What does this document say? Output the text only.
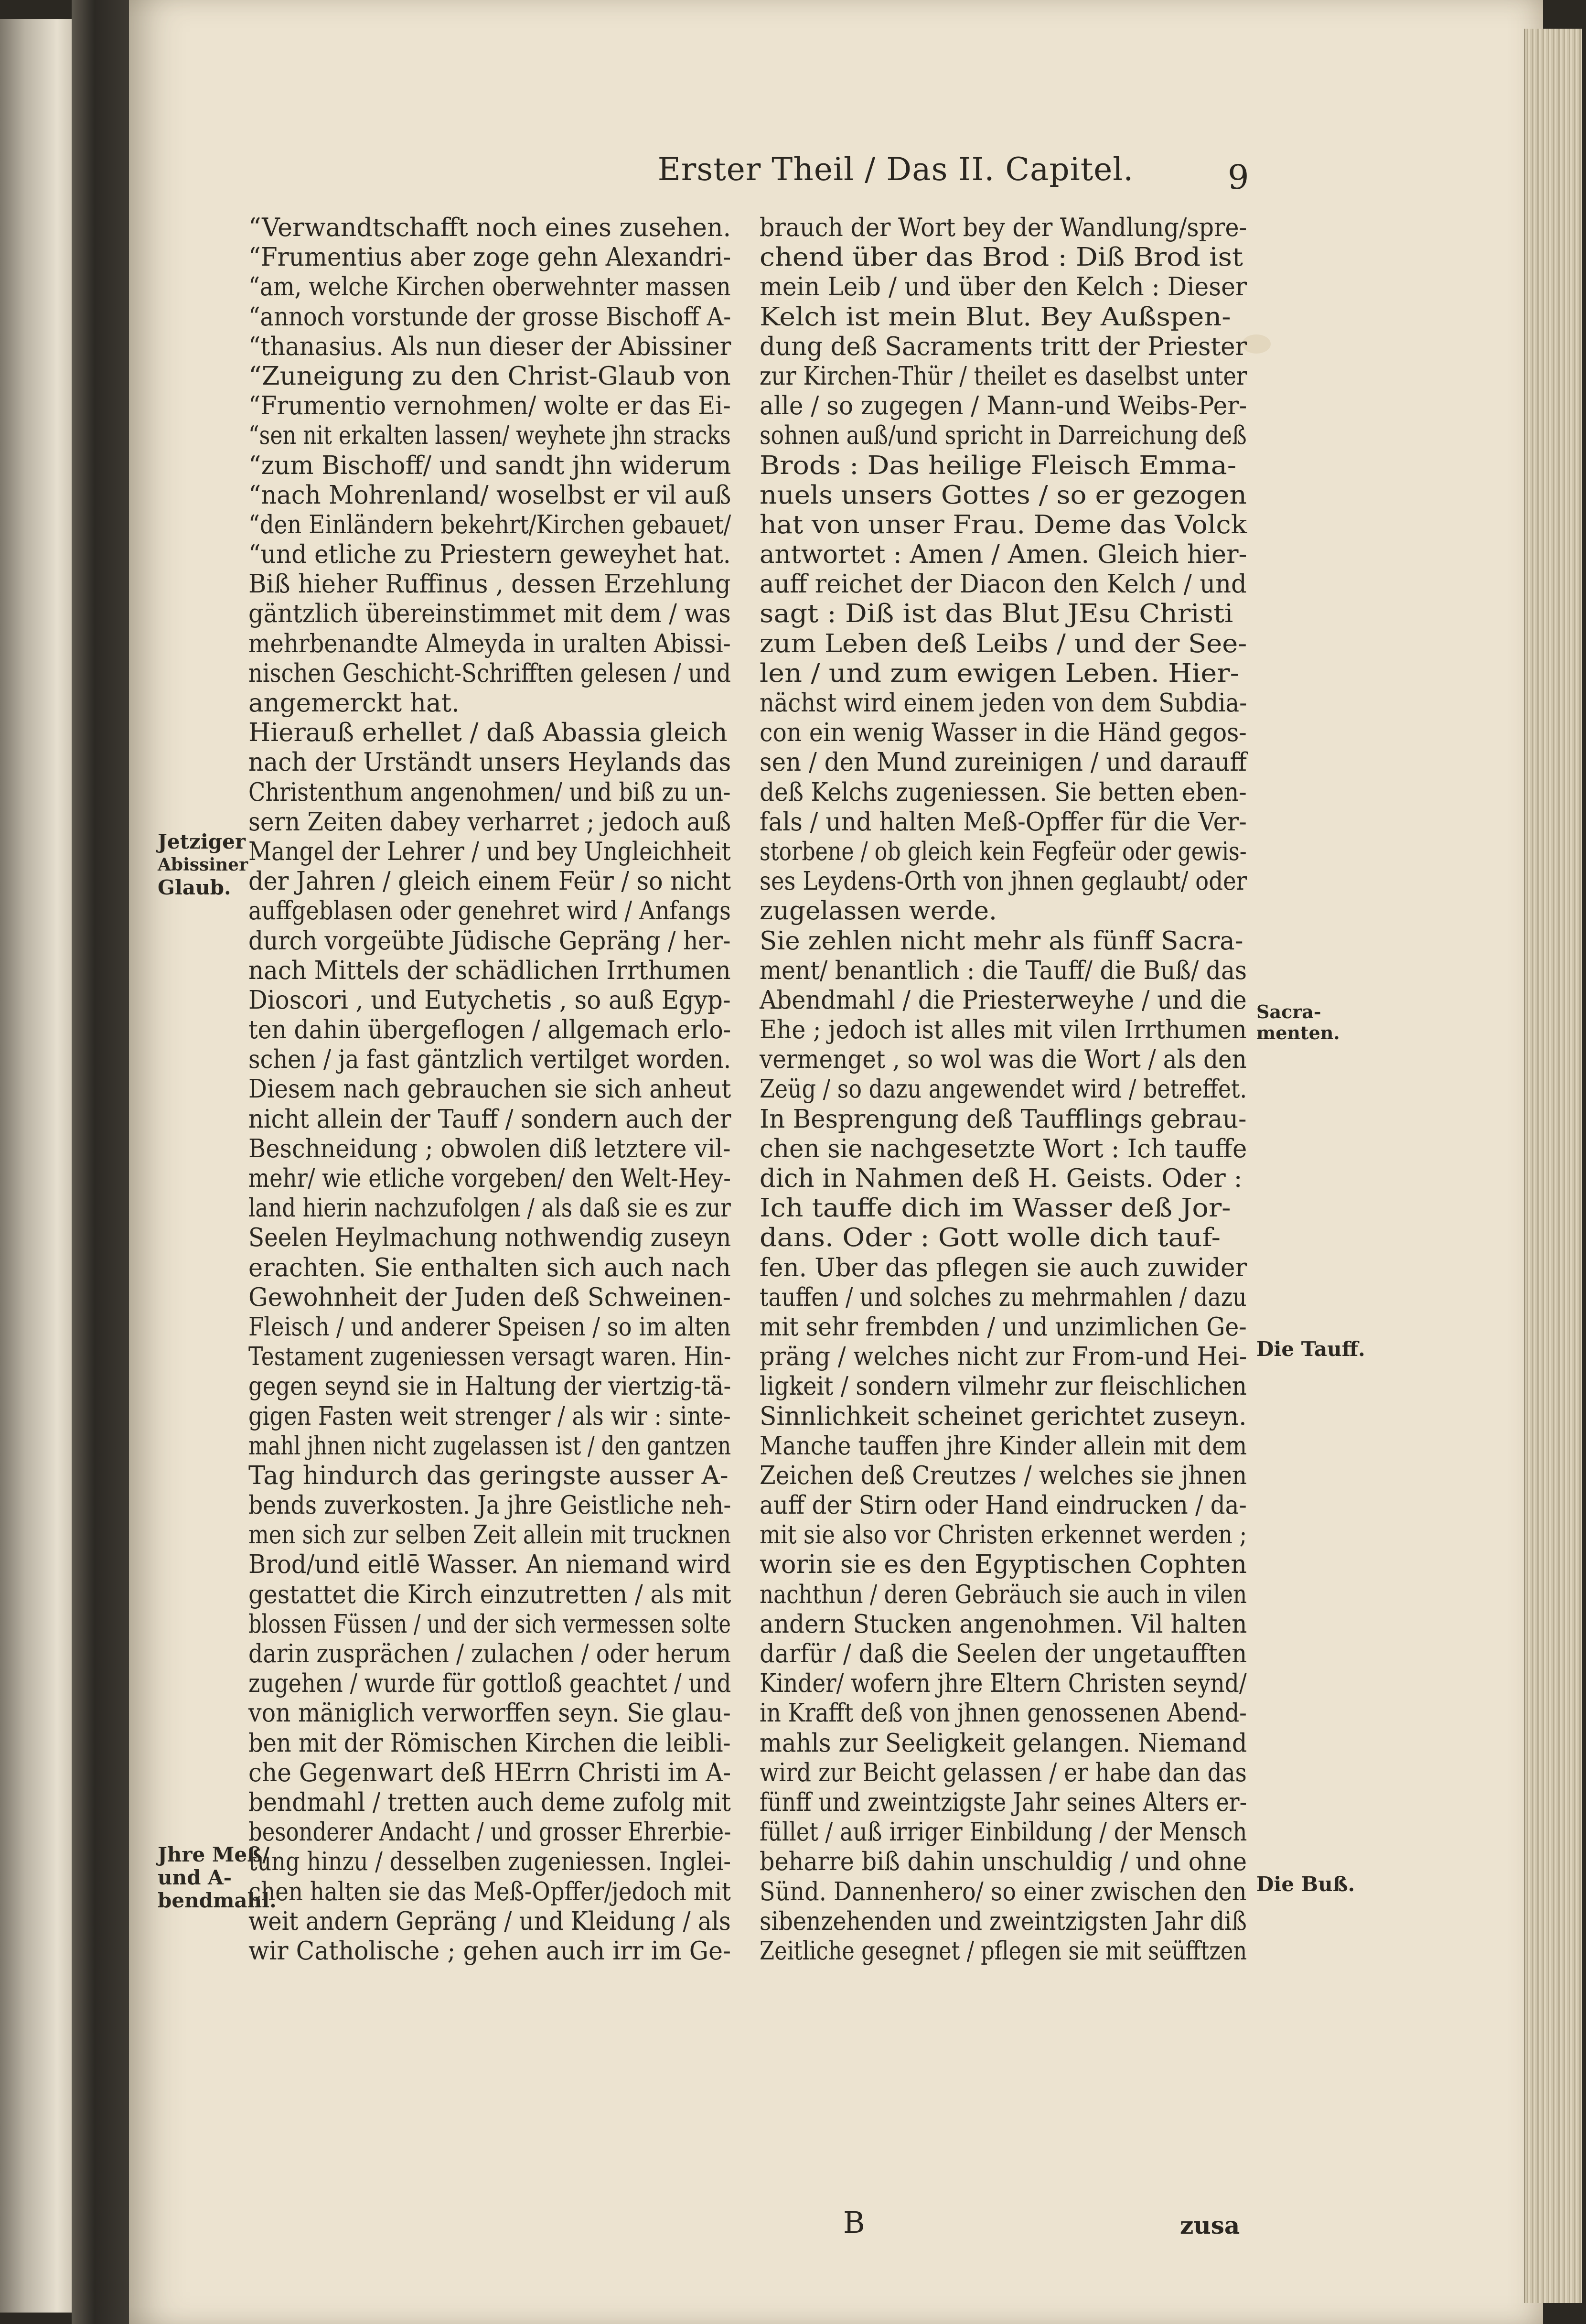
Erster Theil / Das II. Capitel.	9
“Verwandtschafft noch eines zusehen.
“Frumentius aber zoge gehn Alexandri-
“am, welche Kirchen oberwehnter massen
“annoch vorstunde der grosse Bischoff A-
“thanasius. Als nun dieser der Abissiner
“Zuneigung zu den Christ-Glaub von
“Frumentio vernohmen/ wolte er das Ei-
“sen nit erkalten lassen/ weyhete jhn stracks
“zum Bischoff/ und sandt jhn widerum
“nach Mohrenland/ woselbst er vil auß
“den Einländern bekehrt/Kirchen gebauet/
“und etliche zu Priestern geweyhet hat.
Biß hieher Ruffinus , dessen Erzehlung
gäntzlich übereinstimmet mit dem / was
mehrbenandte Almeyda in uralten Abissi-
nischen Geschicht-Schrifften gelesen / und
angemerckt hat.
Hierauß erhellet / daß Abassia gleich
nach der Urständt unsers Heylands das
Christenthum angenohmen/ und biß zu un-
sern Zeiten dabey verharret ; jedoch auß
Mangel der Lehrer / und bey Ungleichheit
der Jahren / gleich einem Feür / so nicht
auffgeblasen oder genehret wird / Anfangs
durch vorgeübte Jüdische Gepräng / her-
nach Mittels der schädlichen Irrthumen
Dioscori , und Eutychetis , so auß Egyp-
ten dahin übergeflogen / allgemach erlo-
schen / ja fast gäntzlich vertilget worden.
Diesem nach gebrauchen sie sich anheut
nicht allein der Tauff / sondern auch der
Beschneidung ; obwolen diß letztere vil-
mehr/ wie etliche vorgeben/ den Welt-Hey-
land hierin nachzufolgen / als daß sie es zur
Seelen Heylmachung nothwendig zuseyn
erachten. Sie enthalten sich auch nach
Gewohnheit der Juden deß Schweinen-
Fleisch / und anderer Speisen / so im alten
Testament zugeniessen versagt waren. Hin-
gegen seynd sie in Haltung der viertzig-tä-
gigen Fasten weit strenger / als wir : sinte-
mahl jhnen nicht zugelassen ist / den gantzen
Tag hindurch das geringste ausser A-
bends zuverkosten. Ja jhre Geistliche neh-
men sich zur selben Zeit allein mit trucknen
Brod/und eitlē Wasser. An niemand wird
gestattet die Kirch einzutretten / als mit
blossen Füssen / und der sich vermessen solte
darin zusprächen / zulachen / oder herum
zugehen / wurde für gottloß geachtet / und
von mäniglich verworffen seyn. Sie glau-
ben mit der Römischen Kirchen die leibli-
che Gegenwart deß HErrn Christi im A-
bendmahl / tretten auch deme zufolg mit
besonderer Andacht / und grosser Ehrerbie-
tung hinzu / desselben zugeniessen. Inglei-
chen halten sie das Meß-Opffer/jedoch mit
weit andern Gepräng / und Kleidung / als
wir Catholische ; gehen auch irr im Ge-
brauch der Wort bey der Wandlung/spre-
chend über das Brod : Diß Brod ist
mein Leib / und über den Kelch : Dieser
Kelch ist mein Blut. Bey Außspen-
dung deß Sacraments tritt der Priester
zur Kirchen-Thür / theilet es daselbst unter
alle / so zugegen / Mann-und Weibs-Per-
sohnen auß/und spricht in Darreichung deß
Brods : Das heilige Fleisch Emma-
nuels unsers Gottes / so er gezogen
hat von unser Frau. Deme das Volck
antwortet : Amen / Amen. Gleich hier-
auff reichet der Diacon den Kelch / und
sagt : Diß ist das Blut JEsu Christi
zum Leben deß Leibs / und der See-
len / und zum ewigen Leben. Hier-
nächst wird einem jeden von dem Subdia-
con ein wenig Wasser in die Händ gegos-
sen / den Mund zureinigen / und darauff
deß Kelchs zugeniessen. Sie betten eben-
fals / und halten Meß-Opffer für die Ver-
storbene / ob gleich kein Fegfeür oder gewis-
ses Leydens-Orth von jhnen geglaubt/ oder
zugelassen werde.
Sie zehlen nicht mehr als fünff Sacra-
ment/ benantlich : die Tauff/ die Buß/ das
Abendmahl / die Priesterweyhe / und die
Ehe ; jedoch ist alles mit vilen Irrthumen
vermenget , so wol was die Wort / als den
Zeüg / so dazu angewendet wird / betreffet.
In Besprengung deß Taufflings gebrau-
chen sie nachgesetzte Wort : Ich tauffe
dich in Nahmen deß H. Geists. Oder :
Ich tauffe dich im Wasser deß Jor-
dans. Oder : Gott wolle dich tauf-
fen. Uber das pflegen sie auch zuwider
tauffen / und solches zu mehrmahlen / dazu
mit sehr frembden / und unzimlichen Ge-
präng / welches nicht zur From-und Hei-
ligkeit / sondern vilmehr zur fleischlichen
Sinnlichkeit scheinet gerichtet zuseyn.
Manche tauffen jhre Kinder allein mit dem
Zeichen deß Creutzes / welches sie jhnen
auff der Stirn oder Hand eindrucken / da-
mit sie also vor Christen erkennet werden ;
worin sie es den Egyptischen Cophten
nachthun / deren Gebräuch sie auch in vilen
andern Stucken angenohmen. Vil halten
darfür / daß die Seelen der ungetaufften
Kinder/ wofern jhre Eltern Christen seynd/
in Krafft deß von jhnen genossenen Abend-
mahls zur Seeligkeit gelangen. Niemand
wird zur Beicht gelassen / er habe dan das
fünff und zweintzigste Jahr seines Alters er-
füllet / auß irriger Einbildung / der Mensch
beharre biß dahin unschuldig / und ohne
Sünd. Dannenhero/ so einer zwischen den
sibenzehenden und zweintzigsten Jahr diß
Zeitliche gesegnet / pflegen sie mit seüfftzen
Jetziger
Abissiner
Glaub.
Jhre Meß/
und A-
bendmahl.
Sacra-
menten.
Die Tauff.
Die Buß.
B	zusa
